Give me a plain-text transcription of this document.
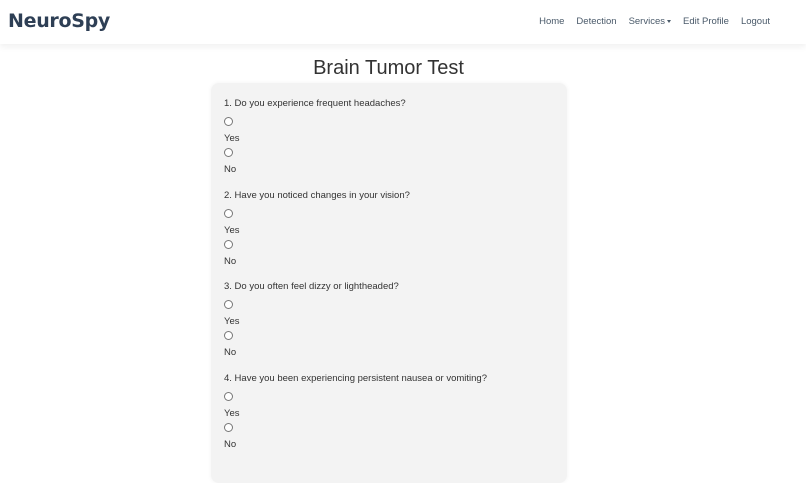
NeuroSpy	Home Detection Services	Edit Profile Logout
Brain Tumor Test
1. Do you experience frequent headaches?
Yes
No
2. Have you noticed changes in your vision?
Yes
No
3. Do you often feel dizzy or lightheaded?
Yes
No
4. Have you been experiencing persistent nausea or vomiting?
Yes
No
